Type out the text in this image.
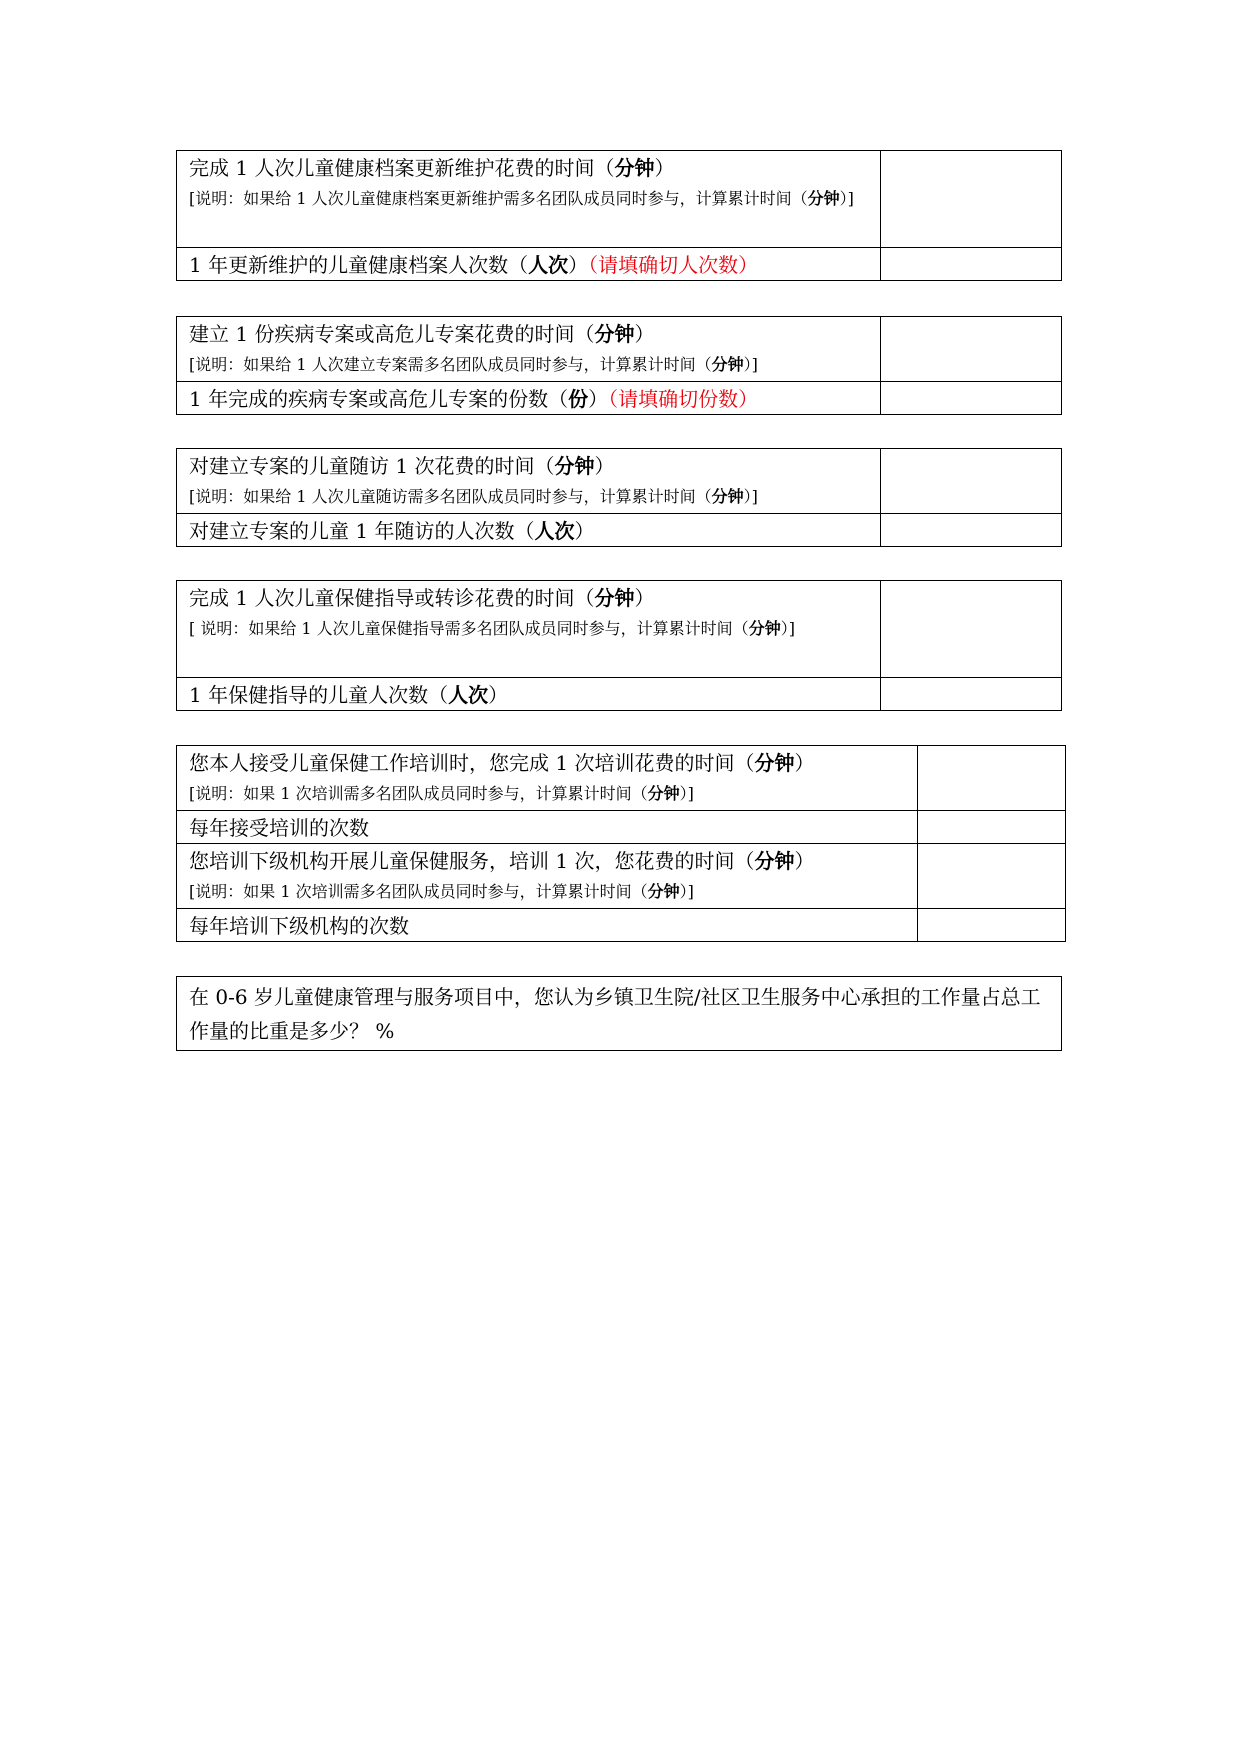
完成 1 人次儿童健康档案更新维护花费的时间（分钟）
[说明：如果给 1 人次儿童健康档案更新维护需多名团队成员同时参与，计算累计时间（分钟）]	

1 年更新维护的儿童健康档案人次数（人次）（请填确切人次数）	

建立 1 份疾病专案或高危儿专案花费的时间（分钟）
[说明：如果给 1 人次建立专案需多名团队成员同时参与，计算累计时间（分钟）]	

1 年完成的疾病专案或高危儿专案的份数（份）（请填确切份数）	

对建立专案的儿童随访 1 次花费的时间（分钟）
[说明：如果给 1 人次儿童随访需多名团队成员同时参与，计算累计时间（分钟）]	

对建立专案的儿童 1 年随访的人次数（人次）	

完成 1 人次儿童保健指导或转诊花费的时间（分钟）
[ 说明：如果给 1 人次儿童保健指导需多名团队成员同时参与，计算累计时间（分钟）]	

1 年保健指导的儿童人次数（人次）	

您本人接受儿童保健工作培训时，您完成 1 次培训花费的时间（分钟）
[说明：如果 1 次培训需多名团队成员同时参与，计算累计时间（分钟）]	

每年接受培训的次数	

您培训下级机构开展儿童保健服务，培训 1 次，您花费的时间（分钟）
[说明：如果 1 次培训需多名团队成员同时参与，计算累计时间（分钟）]	

每年培训下级机构的次数	

在 0-6 岁儿童健康管理与服务项目中，您认为乡镇卫生院/社区卫生服务中心承担的工作量占总工作量的比重是多少？ %
